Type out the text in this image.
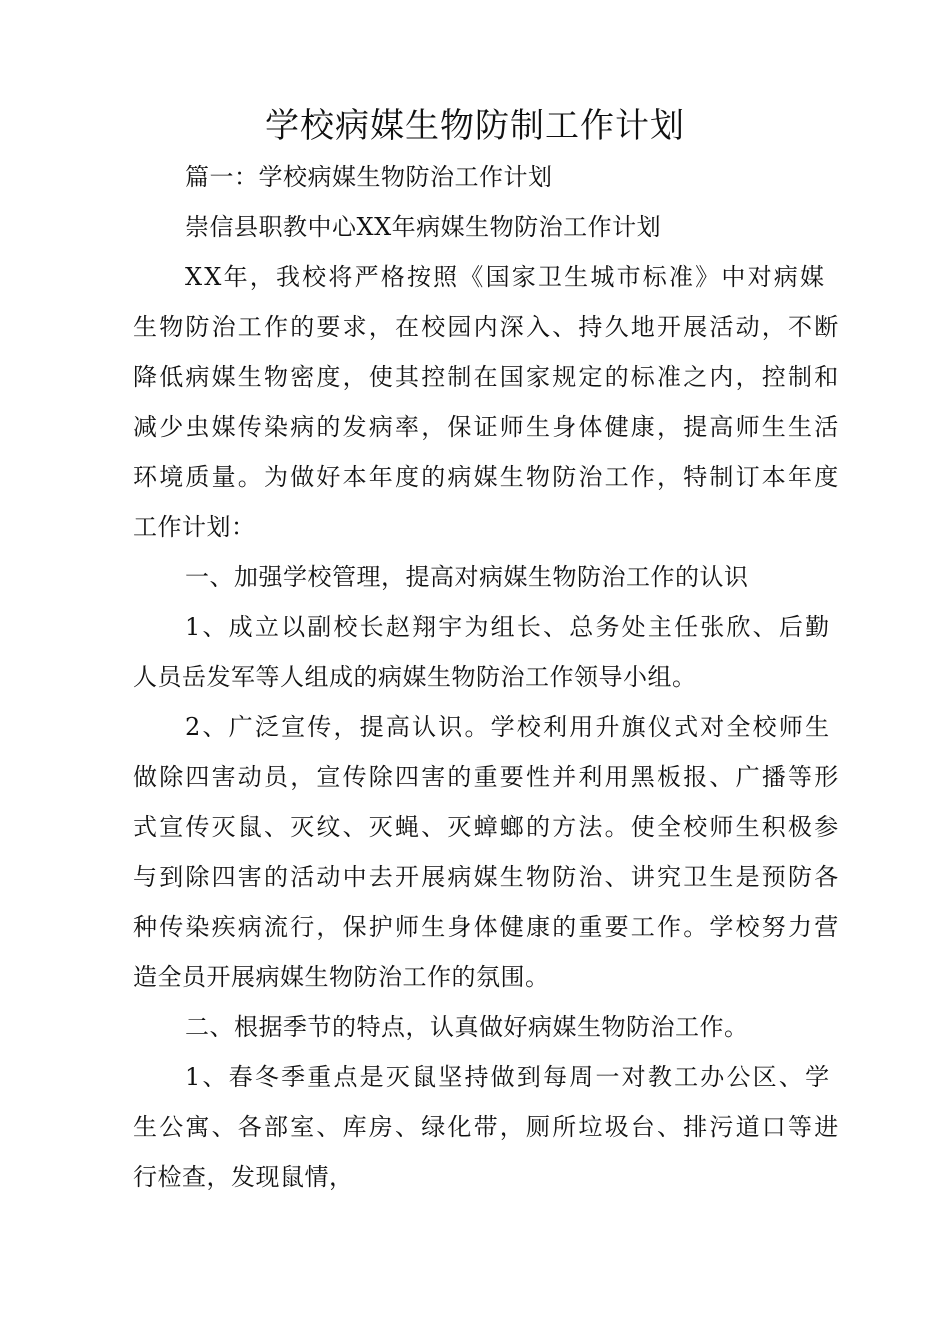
学校病媒生物防制工作计划

篇一：学校病媒生物防治工作计划

崇信县职教中心XX年病媒生物防治工作计划

XX年，我校将严格按照《国家卫生城市标准》中对病媒

生物防治工作的要求，在校园内深入、持久地开展活动，不断

降低病媒生物密度，使其控制在国家规定的标准之内，控制和

减少虫媒传染病的发病率，保证师生身体健康，提高师生生活

环境质量。为做好本年度的病媒生物防治工作，特制订本年度

工作计划：

一、加强学校管理，提高对病媒生物防治工作的认识

1、成立以副校长赵翔宇为组长、总务处主任张欣、后勤

人员岳发军等人组成的病媒生物防治工作领导小组。

2、广泛宣传，提高认识。学校利用升旗仪式对全校师生

做除四害动员，宣传除四害的重要性并利用黑板报、广播等形

式宣传灭鼠、灭纹、灭蝇、灭蟑螂的方法。使全校师生积极参

与到除四害的活动中去开展病媒生物防治、讲究卫生是预防各

种传染疾病流行，保护师生身体健康的重要工作。学校努力营

造全员开展病媒生物防治工作的氛围。

二、根据季节的特点，认真做好病媒生物防治工作。

1、春冬季重点是灭鼠坚持做到每周一对教工办公区、学

生公寓、各部室、库房、绿化带，厕所垃圾台、排污道口等进

行检查，发现鼠情，
